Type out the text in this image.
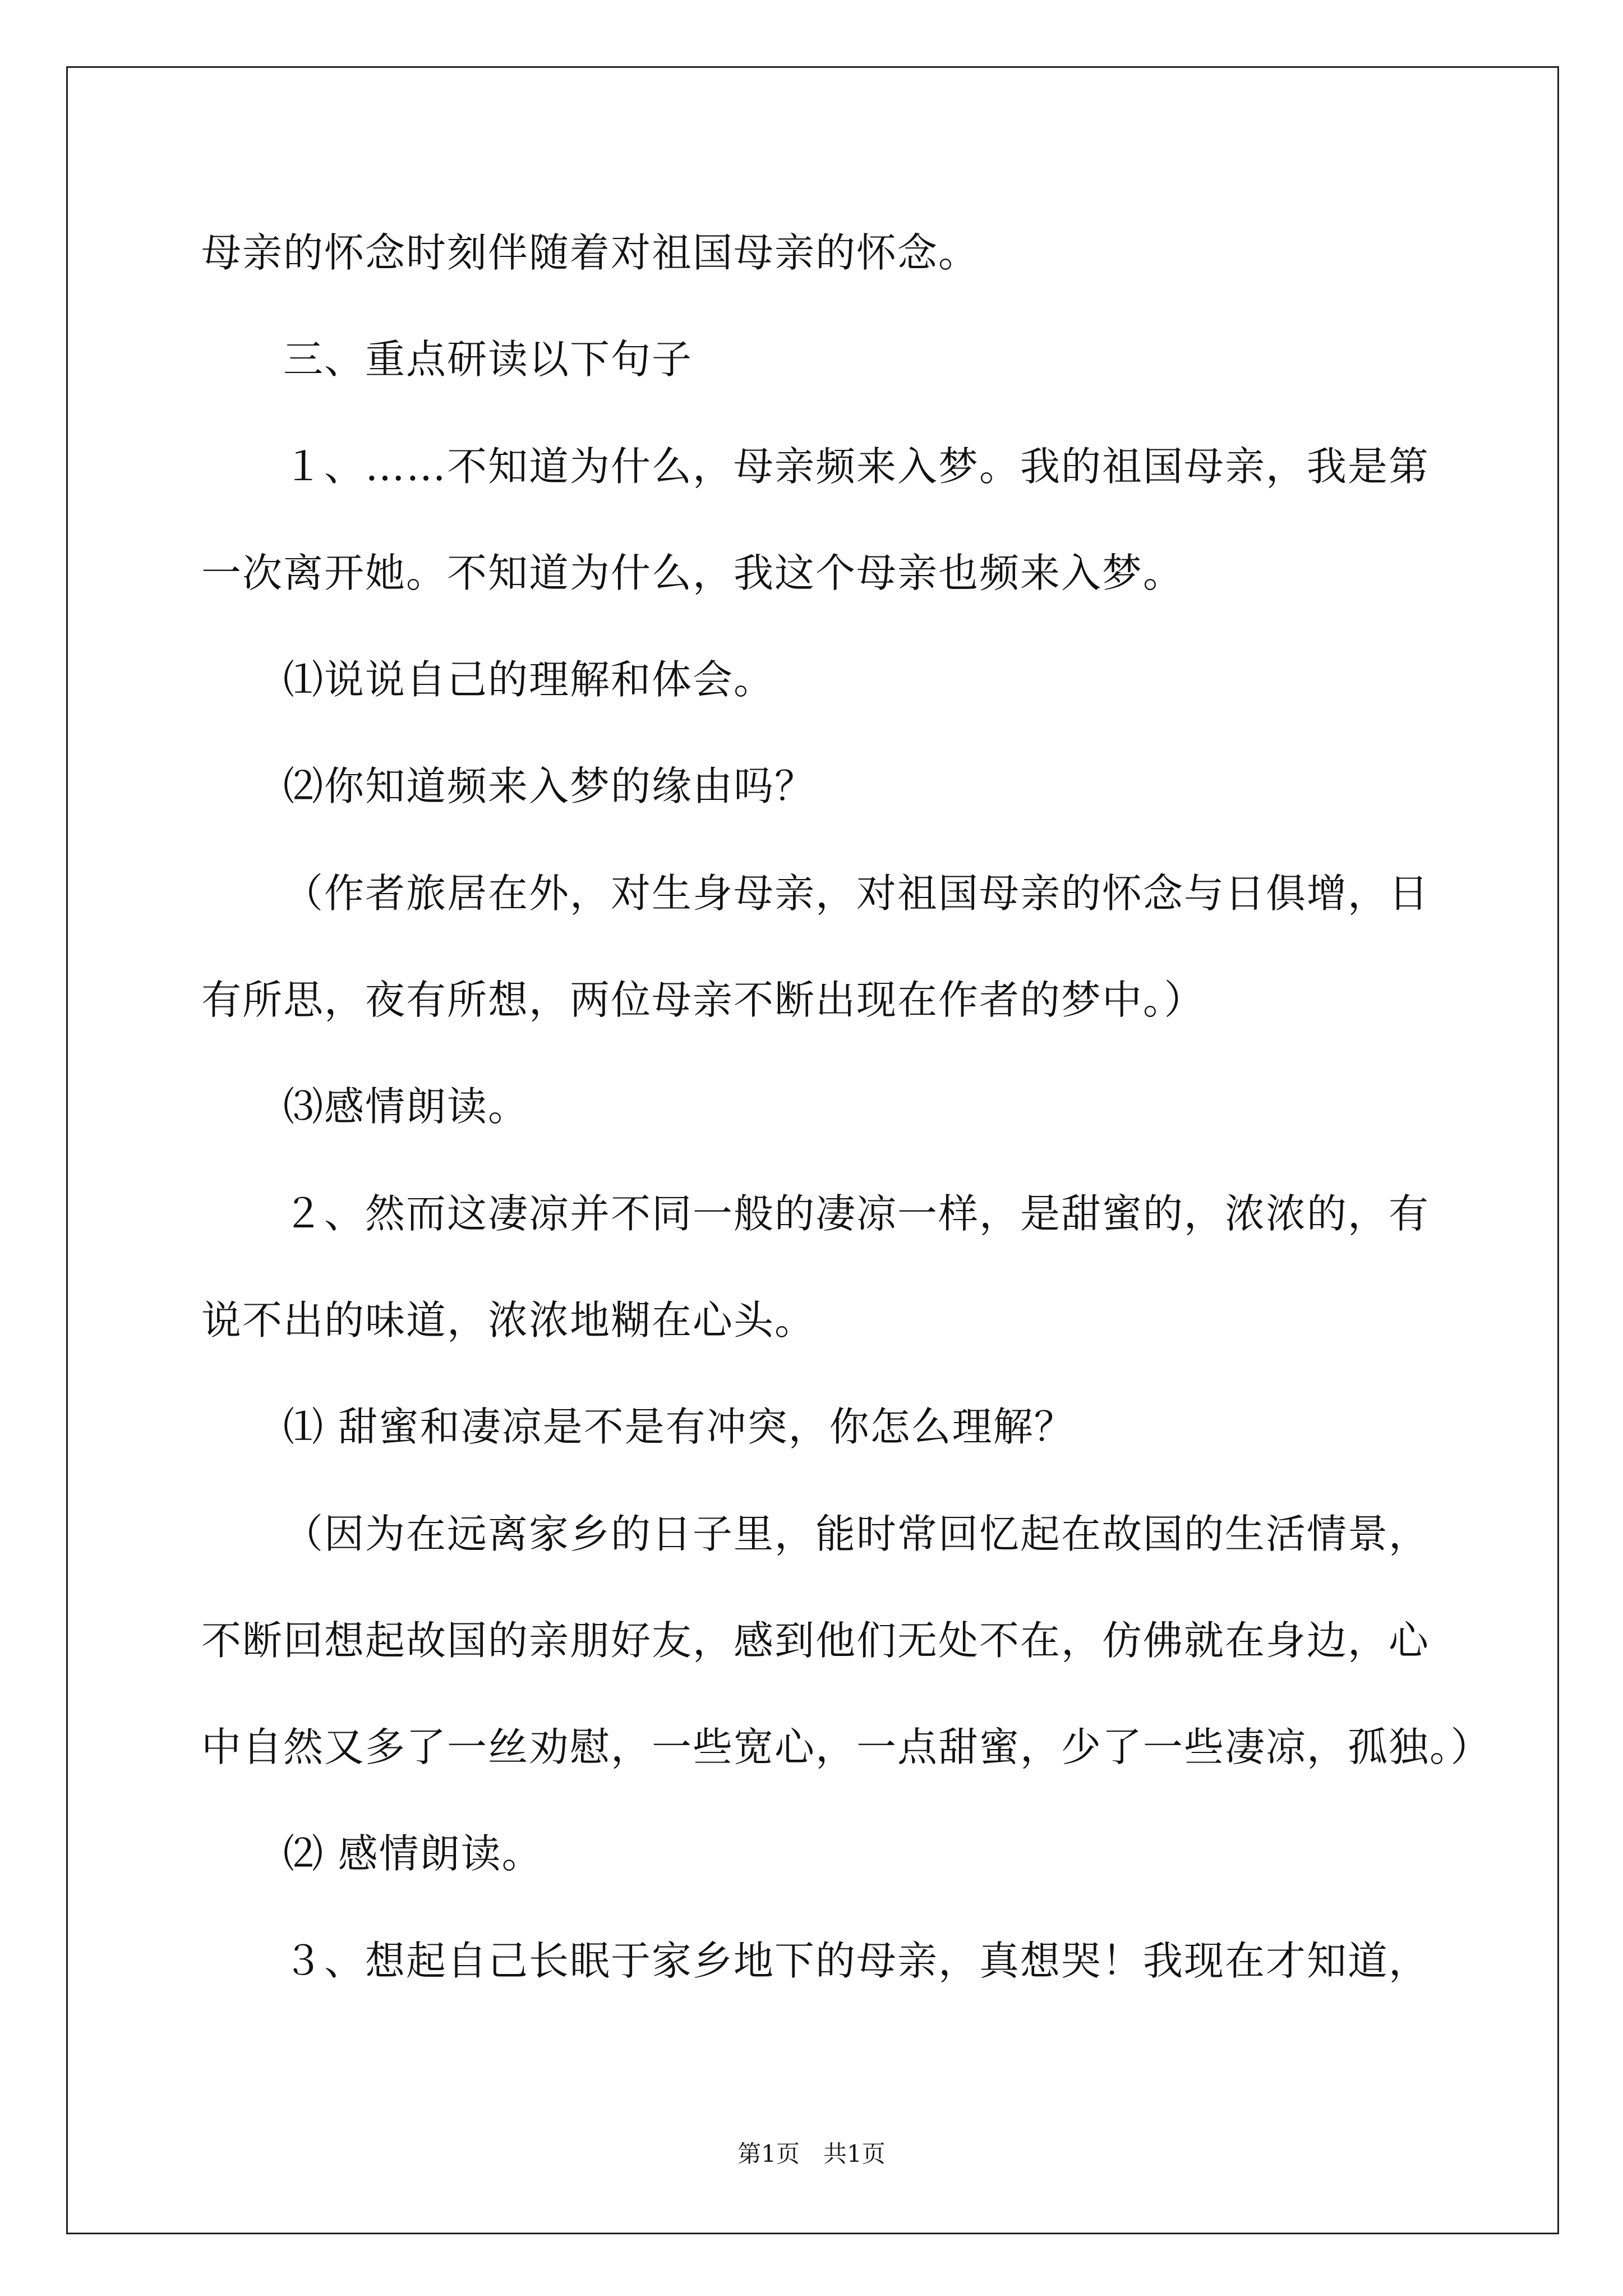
母亲的怀念时刻伴随着对祖国母亲的怀念。
三、重点研读以下句子
１、……不知道为什么，母亲频来入梦。我的祖国母亲，我是第
一次离开她。不知道为什么，我这个母亲也频来入梦。
⑴说说自己的理解和体会。
⑵你知道频来入梦的缘由吗？
（作者旅居在外，对生身母亲，对祖国母亲的怀念与日俱增，日
有所思，夜有所想，两位母亲不断出现在作者的梦中。）
⑶感情朗读。
２、然而这凄凉并不同一般的凄凉一样，是甜蜜的，浓浓的，有
说不出的味道，浓浓地糊在心头。
⑴ 甜蜜和凄凉是不是有冲突，你怎么理解？
（因为在远离家乡的日子里，能时常回忆起在故国的生活情景，
不断回想起故国的亲朋好友，感到他们无处不在，仿佛就在身边，心
中自然又多了一丝劝慰，一些宽心，一点甜蜜，少了一些凄凉，孤独。）
⑵ 感情朗读。
３、想起自己长眠于家乡地下的母亲，真想哭！我现在才知道，
第1页　共1页
